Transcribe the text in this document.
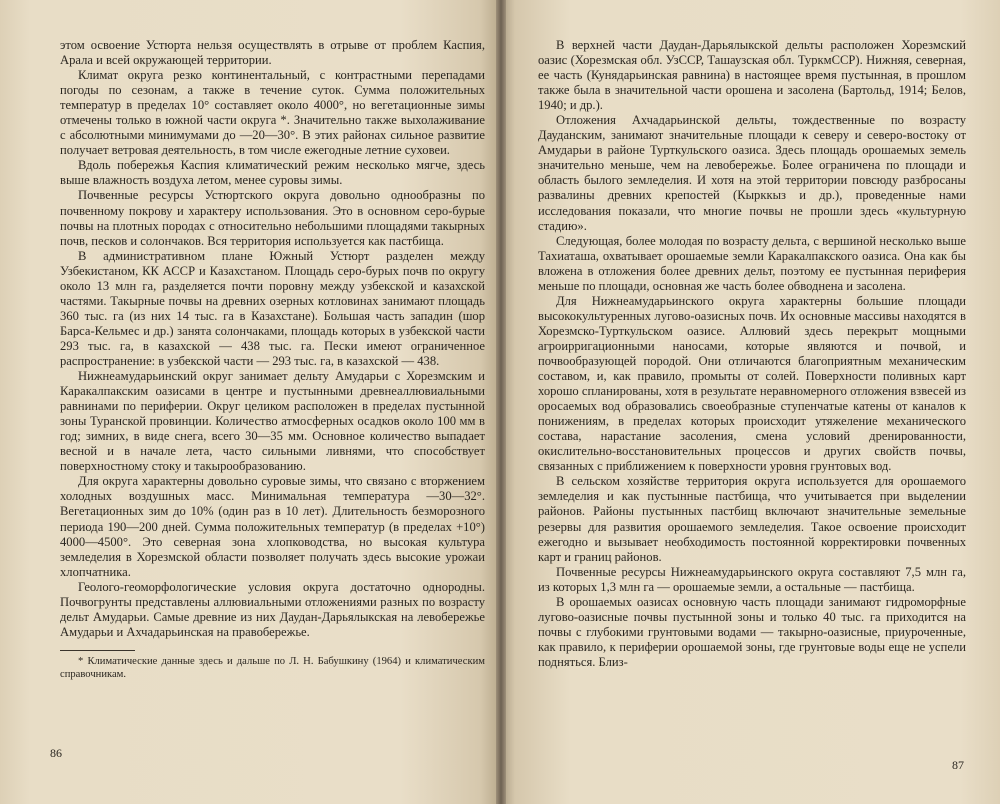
этом освоение Устюрта нельзя осуществлять в отрыве от проблем Каспия, Арала и всей окружающей территории.

Климат округа резко континентальный, с контрастными перепадами погоды по сезонам, а также в течение суток. Сумма положительных температур в пределах 10° составляет около 4000°, но вегетационные зимы отмечены только в южной части округа *. Значительно также выхолаживание с абсолютными минимумами до —20—30°. В этих районах сильное развитие получает ветровая деятельность, в том числе ежегодные летние суховеи.

Вдоль побережья Каспия климатический режим несколько мягче, здесь выше влажность воздуха летом, менее суровы зимы.

Почвенные ресурсы Устюртского округа довольно однообразны по почвенному покрову и характеру использования. Это в основном серо-бурые почвы на плотных породах с относительно небольшими площадями такырных почв, песков и солончаков. Вся территория используется как пастбища.

В административном плане Южный Устюрт разделен между Узбекистаном, КК АССР и Казахстаном. Площадь серо-бурых почв по округу около 13 млн га, разделяется почти поровну между узбекской и казахской частями. Такырные почвы на древних озерных котловинах занимают площадь 360 тыс. га (из них 14 тыс. га в Казахстане). Большая часть западин (шор Барса-Кельмес и др.) занята солончаками, площадь которых в узбекской части 293 тыс. га, в казахской — 438 тыс. га. Пески имеют ограниченное распространение: в узбекской части — 293 тыс. га, в казахской — 438.

Нижнеамударьинский округ занимает дельту Амударьи с Хорезмским и Каракалпакским оазисами в центре и пустынными древнеаллювиальными равнинами по периферии. Округ целиком расположен в пределах пустынной зоны Туранской провинции. Количество атмосферных осадков около 100 мм в год; зимних, в виде снега, всего 30—35 мм. Основное количество выпадает весной и в начале лета, часто сильными ливнями, что способствует поверхностному стоку и такырообразованию.

Для округа характерны довольно суровые зимы, что связано с вторжением холодных воздушных масс. Минимальная температура —30—32°. Вегетационных зим до 10% (один раз в 10 лет). Длительность безморозного периода 190—200 дней. Сумма положительных температур (в пределах +10°) 4000—4500°. Это северная зона хлопководства, но высокая культура земледелия в Хорезмской области позволяет получать здесь высокие урожаи хлопчатника.

Геолого-геоморфологические условия округа достаточно однородны. Почвогрунты представлены аллювиальными отложениями разных по возрасту дельт Амударьи. Самые древние из них Даудан-Дарьялыкская на левобережье Амударьи и Ахчадарьинская на правобережье.

* Климатические данные здесь и дальше по Л. Н. Бабушкину (1964) и климатическим справочникам.

86

В верхней части Даудан-Дарьялыкской дельты расположен Хорезмский оазис (Хорезмская обл. УзССР, Ташаузская обл. ТуркмССР). Нижняя, северная, ее часть (Кунядарьинская равнина) в настоящее время пустынная, в прошлом также была в значительной части орошена и засолена (Бартольд, 1914; Белов, 1940; и др.).

Отложения Ахчадарьинской дельты, тождественные по возрасту Дауданским, занимают значительные площади к северу и северо-востоку от Амударьи в районе Турткульского оазиса. Здесь площадь орошаемых земель значительно меньше, чем на левобережье. Более ограничена по площади и область былого земледелия. И хотя на этой территории повсюду разбросаны развалины древних крепостей (Кырккыз и др.), проведенные нами исследования показали, что многие почвы не прошли здесь «культурную стадию».

Следующая, более молодая по возрасту дельта, с вершиной несколько выше Тахиаташа, охватывает орошаемые земли Каракалпакского оазиса. Она как бы вложена в отложения более древних дельт, поэтому ее пустынная периферия меньше по площади, основная же часть более обводнена и засолена.

Для Нижнеамударьинского округа характерны большие площади высококультуренных лугово-оазисных почв. Их основные массивы находятся в Хорезмско-Турткульском оазисе. Аллювий здесь перекрыт мощными агроирригационными наносами, которые являются и почвой, и почвообразующей породой. Они отличаются благоприятным механическим составом, и, как правило, промыты от солей. Поверхности поливных карт хорошо спланированы, хотя в результате неравномерного отложения взвесей из оросаемых вод образовались своеобразные ступенчатые катены от каналов к понижениям, в пределах которых происходит утяжеление механического состава, нарастание засоления, смена условий дренированности, окислительно-восстановительных процессов и других свойств почвы, связанных с приближением к поверхности уровня грунтовых вод.

В сельском хозяйстве территория округа используется для орошаемого земледелия и как пустынные пастбища, что учитывается при выделении районов. Районы пустынных пастбищ включают значительные земельные резервы для развития орошаемого земледелия. Такое освоение происходит ежегодно и вызывает необходимость постоянной корректировки почвенных карт и границ районов.

Почвенные ресурсы Нижнеамударьинского округа составляют 7,5 млн га, из которых 1,3 млн га — орошаемые земли, а остальные — пастбища.

В орошаемых оазисах основную часть площади занимают гидроморфные лугово-оазисные почвы пустынной зоны и только 40 тыс. га приходится на почвы с глубокими грунтовыми водами — такырно-оазисные, приуроченные, как правило, к периферии орошаемой зоны, где грунтовые воды еще не успели подняться. Близ-

87
